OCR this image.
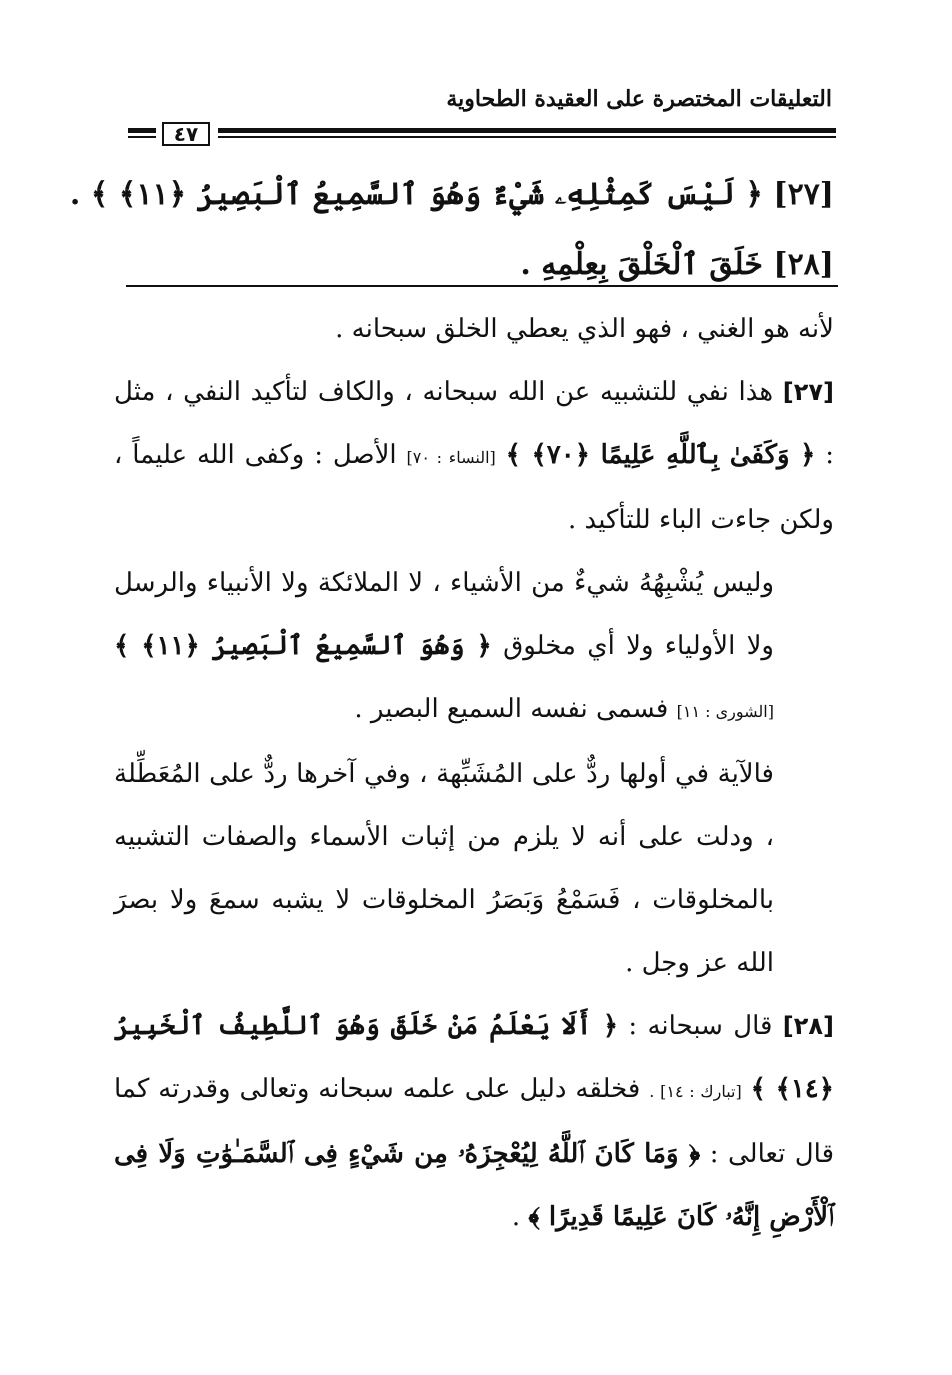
التعليقات المختصرة على العقيدة الطحاوية
٤٧
[٢٧] ﴿ لَيْسَ كَمِثْلِهِۦ شَيْءٌ وَهُوَ ٱلسَّمِيعُ ٱلْبَصِيرُ ﴿١١﴾ ﴾ .
[٢٨] خَلَقَ ٱلْخَلْقَ بِعِلْمِهِ .

لأنه هو الغني ، فهو الذي يعطي الخلق سبحانه .

[٢٧] هذا نفي للتشبيه عن الله سبحانه ، والكاف لتأكيد النفي ، مثل : ﴿ وَكَفَىٰ بِٱللَّهِ عَلِيمًا ﴿٧٠﴾ ﴾ [النساء : ٧٠] الأصل : وكفى الله عليماً ، ولكن جاءت الباء للتأكيد .

وليس يُشْبِهُهُ شيءٌ من الأشياء ، لا الملائكة ولا الأنبياء والرسل ولا الأولياء ولا أي مخلوق ﴿ وَهُوَ ٱلسَّمِيعُ ٱلْبَصِيرُ ﴿١١﴾ ﴾ [الشورى : ١١] فسمى نفسه السميع البصير .

فالآية في أولها ردٌّ على المُشَبِّهة ، وفي آخرها ردٌّ على المُعَطِّلة ، ودلت على أنه لا يلزم من إثبات الأسماء والصفات التشبيه بالمخلوقات ، فَسَمْعُ وَبَصَرُ المخلوقات لا يشبه سمعَ ولا بصرَ الله عز وجل .

[٢٨] قال سبحانه : ﴿ أَلَا يَعْلَمُ مَنْ خَلَقَ وَهُوَ ٱللَّطِيفُ ٱلْخَبِيرُ ﴿١٤﴾ ﴾ [تبارك : ١٤] . فخلقه دليل على علمه سبحانه وتعالى وقدرته كما قال تعالى : ﴿ وَمَا كَانَ ٱللَّهُ لِيُعْجِزَهُۥ مِن شَيْءٍ فِى ٱلسَّمَـٰوَٰتِ وَلَا فِى ٱلْأَرْضِ إِنَّهُۥ كَانَ عَلِيمًا قَدِيرًا ﴾ .
